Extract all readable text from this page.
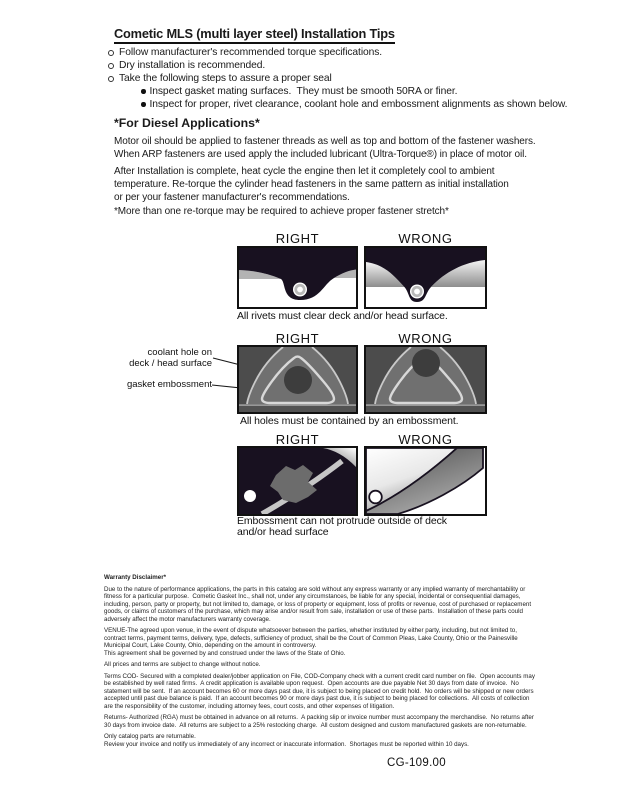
Cometic MLS (multi layer steel) Installation Tips
Follow manufacturer's recommended torque specifications.
Dry installation is recommended.
Take the following steps to assure a proper seal
Inspect gasket mating surfaces.  They must be smooth 50RA or finer.
Inspect for proper, rivet clearance, coolant hole and embossment alignments as shown below.
*For Diesel Applications*
Motor oil should be applied to fastener threads as well as top and bottom of the fastener washers.
When ARP fasteners are used apply the included lubricant (Ultra-Torque®) in place of motor oil.
After Installation is complete, heat cycle the engine then let it completely cool to ambient
temperature. Re-torque the cylinder head fasteners in the same pattern as initial installation
or per your fastener manufacturer's recommendations.
*More than one re-torque may be required to achieve proper fastener stretch*
RIGHT	WRONG
All rivets must clear deck and/or head surface.
RIGHT	WRONG
coolant hole on
deck / head surface
gasket embossment
All holes must be contained by an embossment.
RIGHT	WRONG
Embossment can not protrude outside of deck
and/or head surface
Warranty Disclaimer*
Due to the nature of performance applications, the parts in this catalog are sold without any express warranty or any implied warranty of merchantability or
fitness for a particular purpose.  Cometic Gasket Inc., shall not, under any circumstances, be liable for any special, incidental or consequential damages,
including, person, party or property, but not limited to, damage, or loss of property or equipment, loss of profits or revenue, cost of purchased or replacement
goods, or claims of customers of the purchase, which may arise and/or result from sale, installation or use of these parts.  Installation of these parts could
adversely affect the motor manufacturers warranty coverage.
VENUE-The agreed upon venue, in the event of dispute whatsoever between the parties, whether instituted by either party, including, but not limited to,
contract terms, payment terms, delivery, type, defects, sufficiency of product, shall be the Court of Common Pleas, Lake County, Ohio or the Painesville
Municipal Court, Lake County, Ohio, depending on the amount in controversy.
This agreement shall be governed by and construed under the laws of the State of Ohio.
All prices and terms are subject to change without notice.
Terms COD- Secured with a completed dealer/jobber application on File, COD-Company check with a current credit card number on file.  Open accounts may
be established by well rated firms.  A credit application is available upon request.  Open accounts are due payable Net 30 days from date of invoice.  No
statement will be sent.  If an account becomes 60 or more days past due, it is subject to being placed on credit hold.  No orders will be shipped or new orders
accepted until past due balance is paid.  If an account becomes 90 or more days past due, it is subject to being placed for collections.  All costs of collection
are the responsibility of the customer, including attorney fees, court costs, and other expenses of litigation.
Returns- Authorized (RGA) must be obtained in advance on all returns.  A packing slip or invoice number must accompany the merchandise.  No returns after
30 days from invoice date.  All returns are subject to a 25% restocking charge.  All custom designed and custom manufactured gaskets are non-returnable.
Only catalog parts are returnable.
Review your invoice and notify us immediately of any incorrect or inaccurate information.  Shortages must be reported within 10 days.
CG-109.00
